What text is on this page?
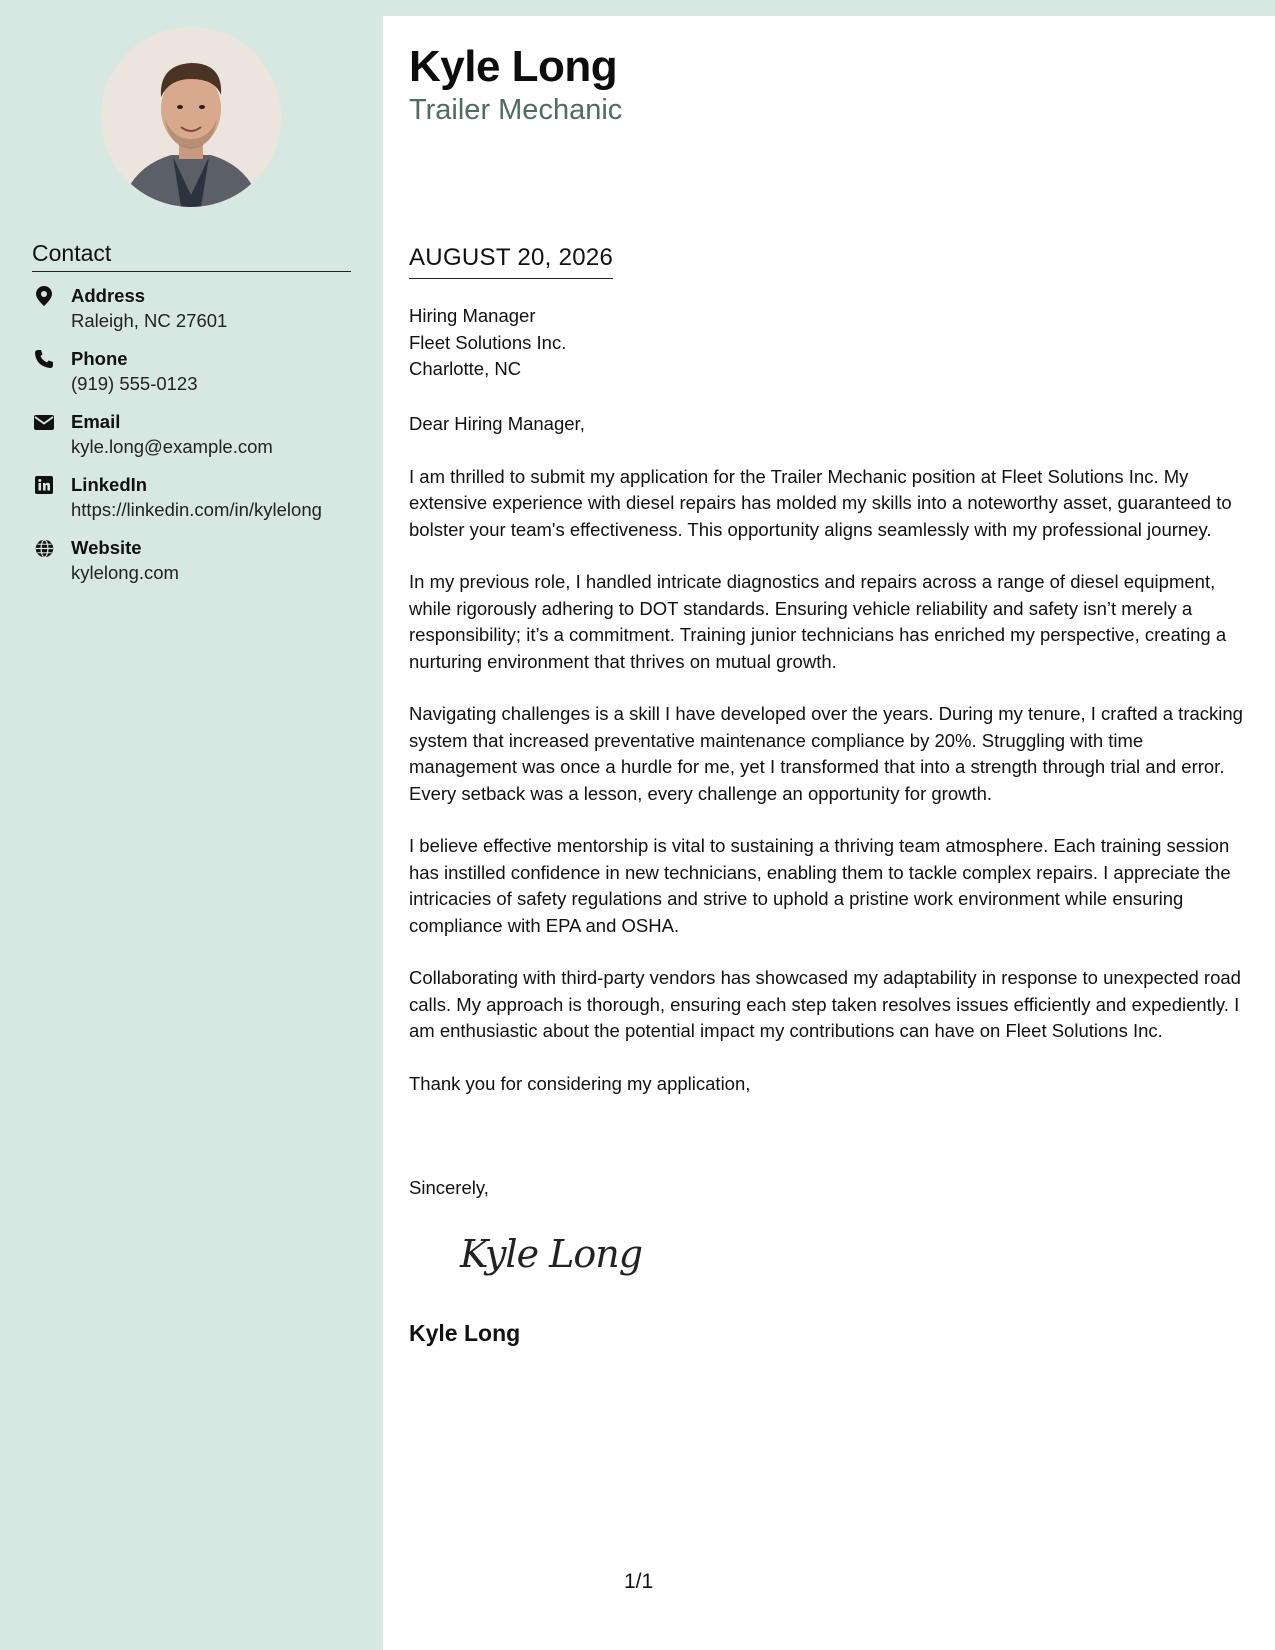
Contact
Address
Raleigh, NC 27601
Phone
(919) 555-0123
Email
kyle.long@example.com
LinkedIn
https://linkedin.com/in/kylelong
Website
kylelong.com
Kyle Long
Trailer Mechanic
AUGUST 20, 2026
Hiring Manager
Fleet Solutions Inc.
Charlotte, NC

Dear Hiring Manager,

I am thrilled to submit my application for the Trailer Mechanic position at Fleet Solutions Inc. My extensive experience with diesel repairs has molded my skills into a noteworthy asset, guaranteed to bolster your team's effectiveness. This opportunity aligns seamlessly with my professional journey.

In my previous role, I handled intricate diagnostics and repairs across a range of diesel equipment, while rigorously adhering to DOT standards. Ensuring vehicle reliability and safety isn’t merely a responsibility; it’s a commitment. Training junior technicians has enriched my perspective, creating a nurturing environment that thrives on mutual growth.

Navigating challenges is a skill I have developed over the years. During my tenure, I crafted a tracking system that increased preventative maintenance compliance by 20%. Struggling with time management was once a hurdle for me, yet I transformed that into a strength through trial and error. Every setback was a lesson, every challenge an opportunity for growth.

I believe effective mentorship is vital to sustaining a thriving team atmosphere. Each training session has instilled confidence in new technicians, enabling them to tackle complex repairs. I appreciate the intricacies of safety regulations and strive to uphold a pristine work environment while ensuring compliance with EPA and OSHA.

Collaborating with third-party vendors has showcased my adaptability in response to unexpected road calls. My approach is thorough, ensuring each step taken resolves issues efficiently and expediently. I am enthusiastic about the potential impact my contributions can have on Fleet Solutions Inc.

Thank you for considering my application,

Sincerely,
Kyle Long
Kyle Long
1/1
